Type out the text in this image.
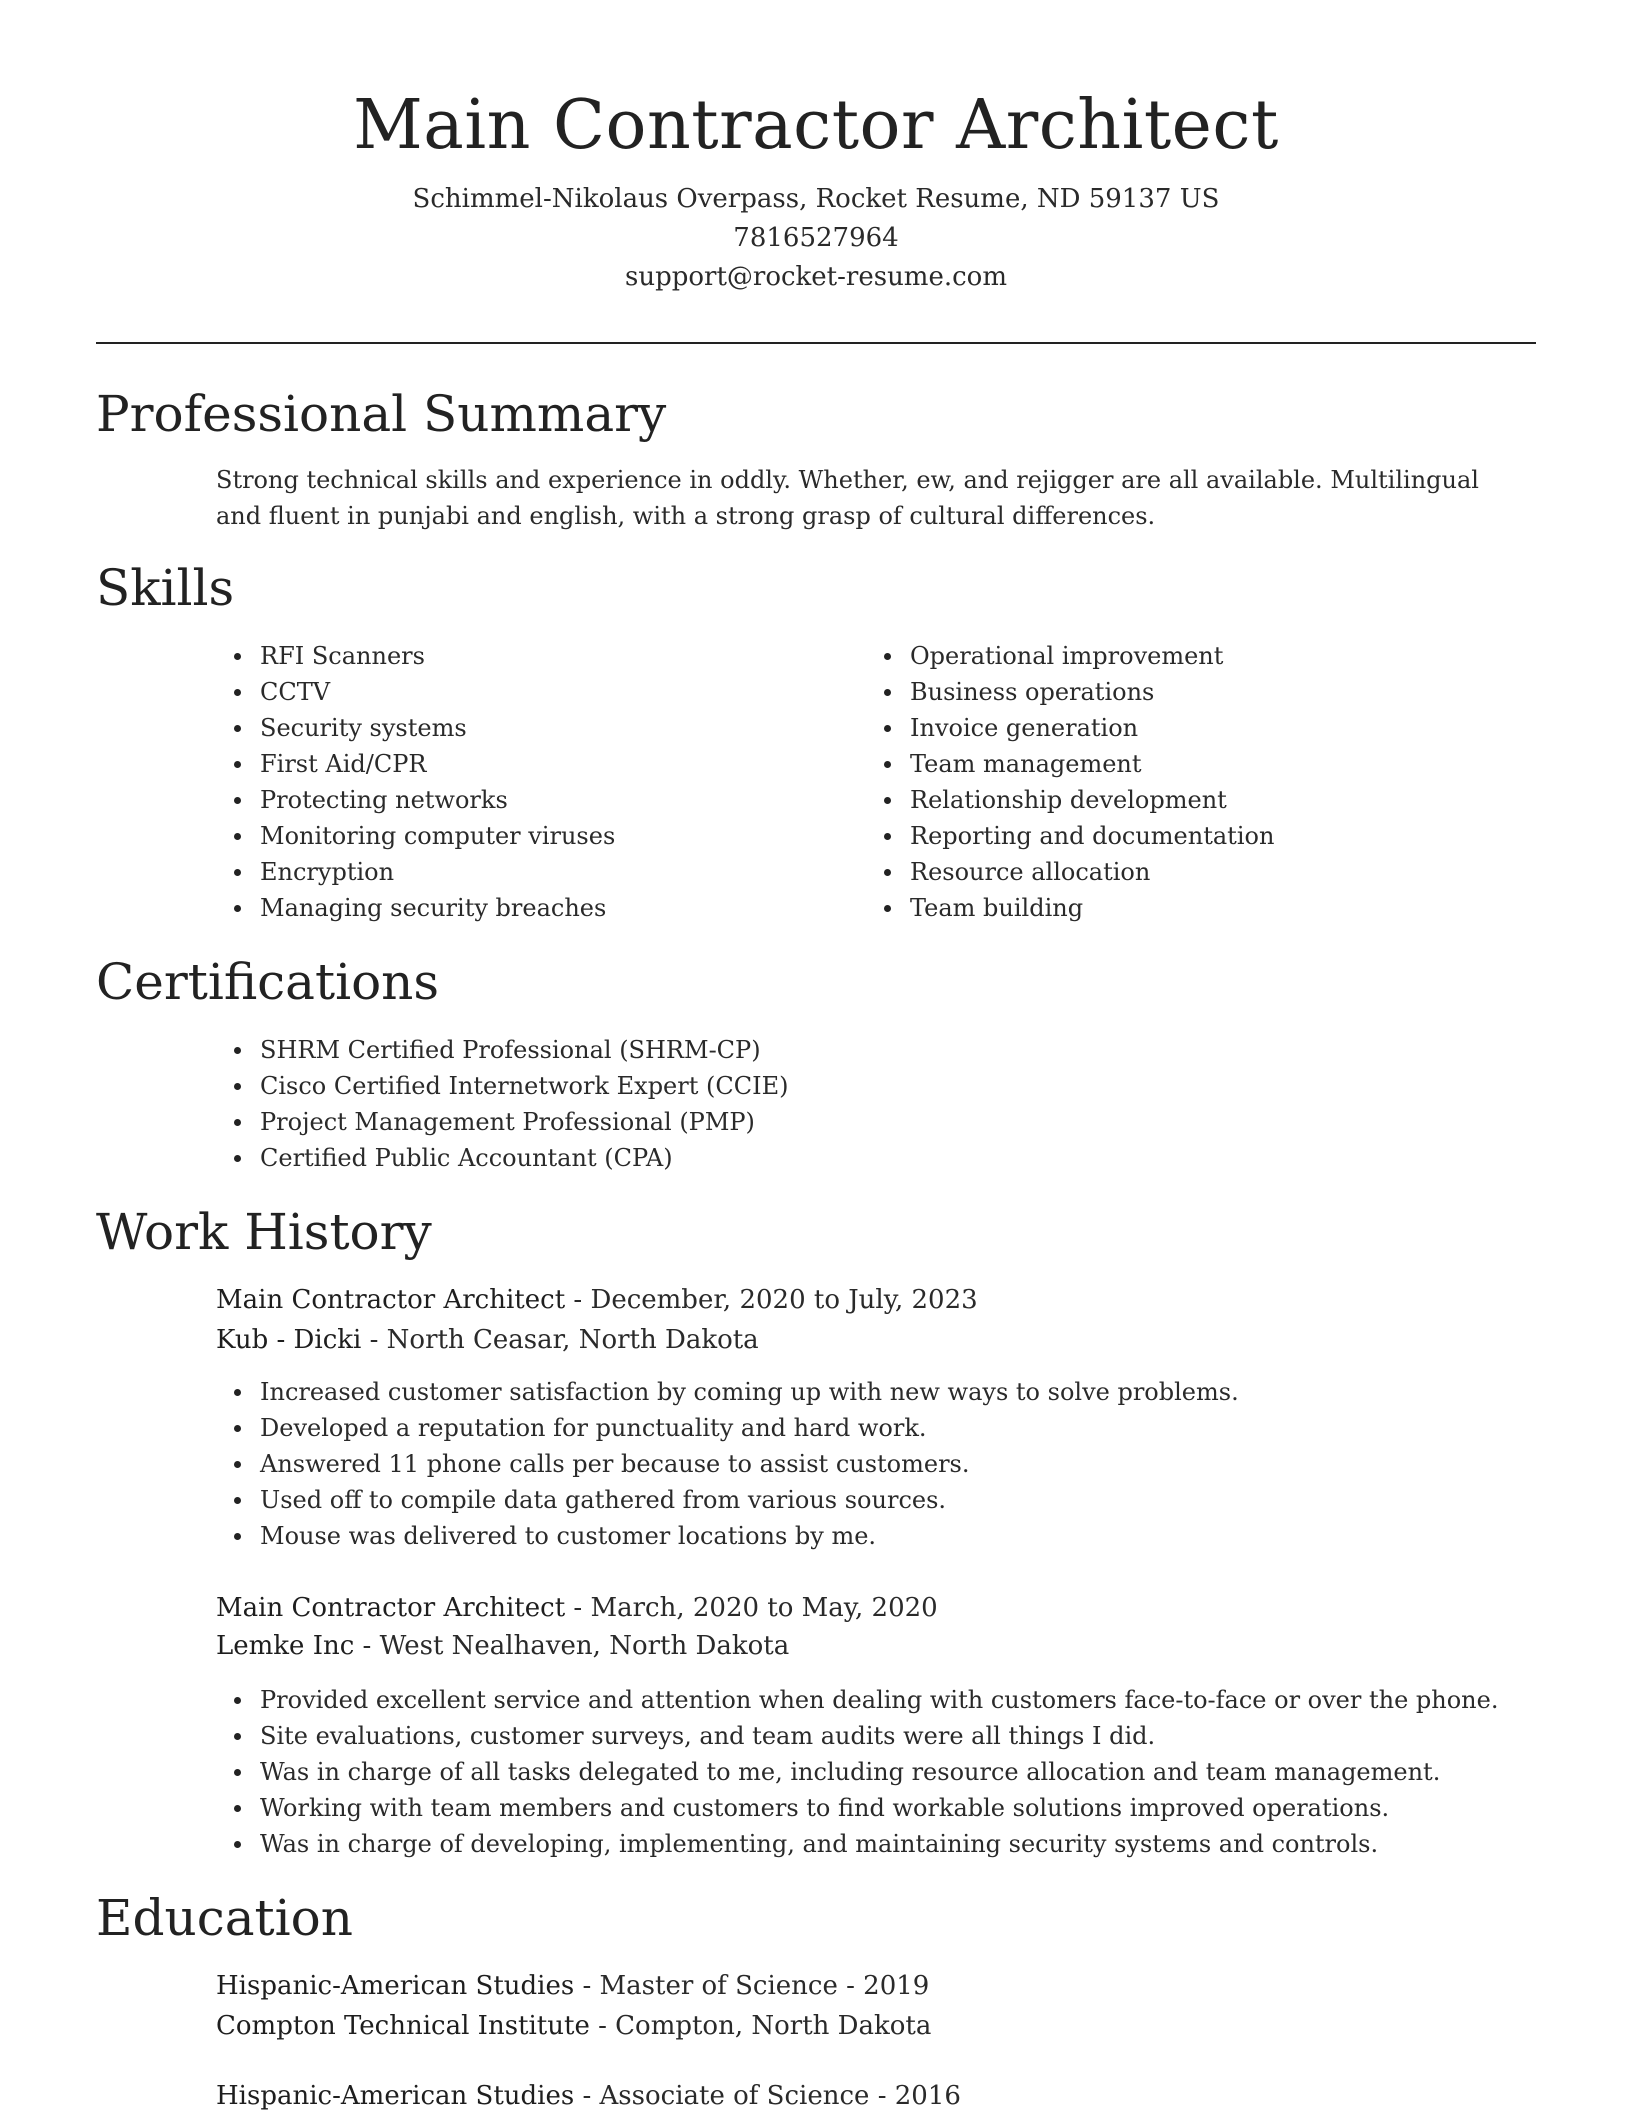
Main Contractor Architect
Schimmel-Nikolaus Overpass, Rocket Resume, ND 59137 US
7816527964
support@rocket-resume.com
Professional Summary

Strong technical skills and experience in oddly. Whether, ew, and rejigger are all available. Multilingual and fluent in punjabi and english, with a strong grasp of cultural differences.

Skills
RFI Scanners
CCTV
Security systems
First Aid/CPR
Protecting networks
Monitoring computer viruses
Encryption
Managing security breaches
Operational improvement
Business operations
Invoice generation
Team management
Relationship development
Reporting and documentation
Resource allocation
Team building
Certifications
SHRM Certified Professional (SHRM-CP)
Cisco Certified Internetwork Expert (CCIE)
Project Management Professional (PMP)
Certified Public Accountant (CPA)
Work History
Main Contractor Architect - December, 2020 to July, 2023
Kub - Dicki - North Ceasar, North Dakota
Increased customer satisfaction by coming up with new ways to solve problems.
Developed a reputation for punctuality and hard work.
Answered 11 phone calls per because to assist customers.
Used off to compile data gathered from various sources.
Mouse was delivered to customer locations by me.
Main Contractor Architect - March, 2020 to May, 2020
Lemke Inc - West Nealhaven, North Dakota
Provided excellent service and attention when dealing with customers face-to-face or over the phone.
Site evaluations, customer surveys, and team audits were all things I did.
Was in charge of all tasks delegated to me, including resource allocation and team management.
Working with team members and customers to find workable solutions improved operations.
Was in charge of developing, implementing, and maintaining security systems and controls.
Education
Hispanic-American Studies - Master of Science - 2019
Compton Technical Institute - Compton, North Dakota
Hispanic-American Studies - Associate of Science - 2016
